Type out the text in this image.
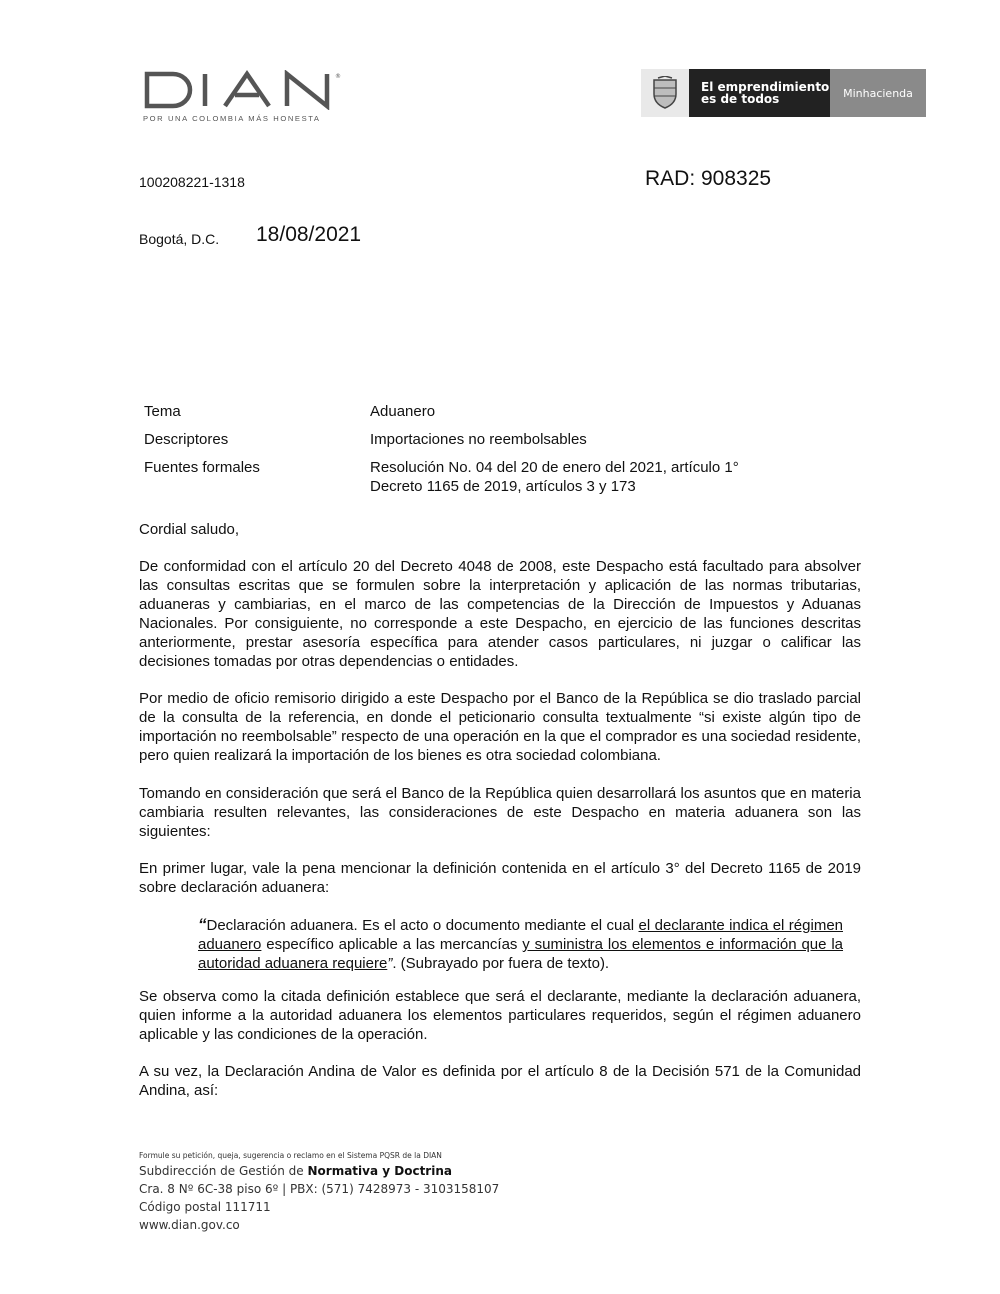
®
POR UNA COLOMBIA MÁS HONESTA
El emprendimiento
es de todos	Minhacienda
100208221-1318	RAD: 908325
Bogotá, D.C. 18/08/2021
Tema	Aduanero
Descriptores	Importaciones no reembolsables
Fuentes formales	Resolución No. 04 del 20 de enero del 2021, artículo 1°
Decreto 1165 de 2019, artículos 3 y 173
Cordial saludo,

De conformidad con el artículo 20 del Decreto 4048 de 2008, este Despacho está facultado para absolver las consultas escritas que se formulen sobre la interpretación y aplicación de las normas tributarias, aduaneras y cambiarias, en el marco de las competencias de la Dirección de Impuestos y Aduanas Nacionales. Por consiguiente, no corresponde a este Despacho, en ejercicio de las funciones descritas anteriormente, prestar asesoría específica para atender casos particulares, ni juzgar o calificar las decisiones tomadas por otras dependencias o entidades.

Por medio de oficio remisorio dirigido a este Despacho por el Banco de la República se dio traslado parcial de la consulta de la referencia, en donde el peticionario consulta textualmente “si existe algún tipo de importación no reembolsable” respecto de una operación en la que el comprador es una sociedad residente, pero quien realizará la importación de los bienes es otra sociedad colombiana.

Tomando en consideración que será el Banco de la República quien desarrollará los asuntos que en materia cambiaria resulten relevantes, las consideraciones de este Despacho en materia aduanera son las siguientes:

En primer lugar, vale la pena mencionar la definición contenida en el artículo 3° del Decreto 1165 de 2019 sobre declaración aduanera:

“Declaración aduanera. Es el acto o documento mediante el cual el declarante indica el régimen aduanero específico aplicable a las mercancías y suministra los elementos e información que la autoridad aduanera requiere”. (Subrayado por fuera de texto).

Se observa como la citada definición establece que será el declarante, mediante la declaración aduanera, quien informe a la autoridad aduanera los elementos particulares requeridos, según el régimen aduanero aplicable y las condiciones de la operación.

A su vez, la Declaración Andina de Valor es definida por el artículo 8 de la Decisión 571 de la Comunidad Andina, así:

Formule su petición, queja, sugerencia o reclamo en el Sistema PQSR de la DIAN
Subdirección de Gestión de Normativa y Doctrina
Cra. 8 Nº 6C-38 piso 6º | PBX: (571) 7428973 - 3103158107
Código postal 111711
www.dian.gov.co
